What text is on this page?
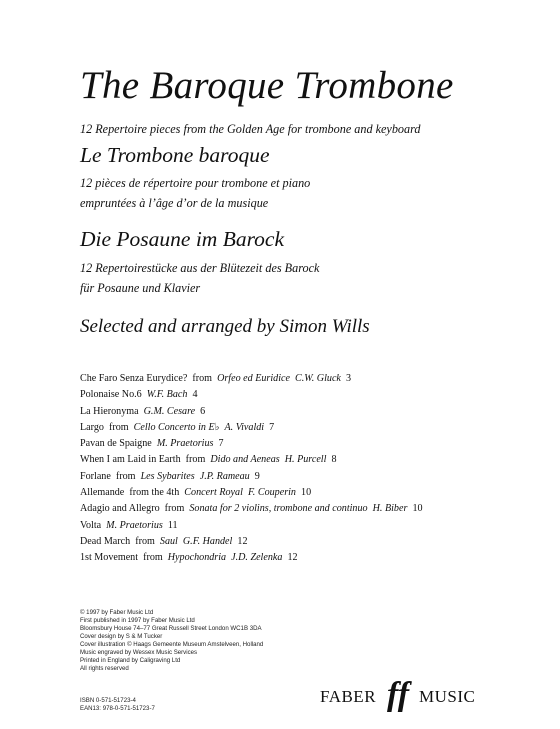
The Baroque Trombone
12 Repertoire pieces from the Golden Age for trombone and keyboard
Le Trombone baroque
12 pièces de répertoire pour trombone et piano
empruntées à l’âge d’or de la musique
Die Posaune im Barock
12 Repertoirestücke aus der Blütezeit des Barock
für Posaune und Klavier
Selected and arranged by Simon Wills
Che Faro Senza Eurydice?  from  Orfeo ed Euridice  C.W. Gluck  3
Polonaise No.6  W.F. Bach  4
La Hieronyma  G.M. Cesare  6
Largo  from  Cello Concerto in E♭  A. Vivaldi  7
Pavan de Spaigne  M. Praetorius  7
When I am Laid in Earth  from  Dido and Aeneas  H. Purcell  8
Forlane  from  Les Sybarites  J.P. Rameau  9
Allemande  from the 4th  Concert Royal  F. Couperin  10
Adagio and Allegro  from  Sonata for 2 violins, trombone and continuo  H. Biber  10
Volta  M. Praetorius  11
Dead March  from  Saul  G.F. Handel  12
1st Movement  from  Hypochondria  J.D. Zelenka  12
© 1997 by Faber Music Ltd
First published in 1997 by Faber Music Ltd
Bloomsbury House 74–77 Great Russell Street London WC1B 3DA
Cover design by S & M Tucker
Cover illustration © Haags Gemeente Museum Amstelveen, Holland
Music engraved by Wessex Music Services
Printed in England by Caligraving Ltd
All rights reserved
ISBN 0-571-51723-4
EAN13: 978-0-571-51723-7
FABER ff MUSIC
